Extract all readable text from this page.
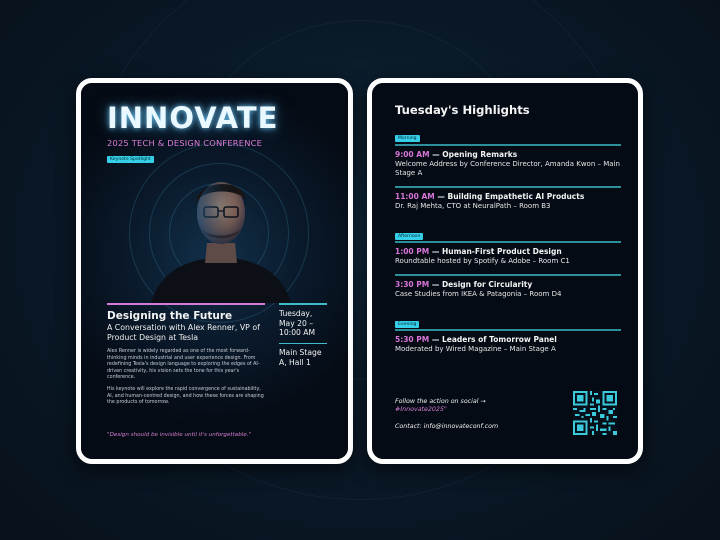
INNOVATE
2025 TECH & DESIGN CONFERENCE
Keynote Spotlight
Designing the Future
A Conversation with Alex Renner, VP of Product Design at Tesla
Alex Renner is widely regarded as one of the most forward-thinking minds in industrial and user experience design. From redefining Tesla's design language to exploring the edges of AI-driven creativity, his vision sets the tone for this year's conference.
His keynote will explore the rapid convergence of sustainability, AI, and human-centred design, and how these forces are shaping the products of tomorrow.
Tuesday, May 20 – 10:00 AM
Main Stage A, Hall 1
"Design should be invisible until it's unforgettable."
Tuesday's Highlights
Morning
9:00 AM — Opening Remarks
Welcome Address by Conference Director, Amanda Kwon – Main Stage A
11:00 AM — Building Empathetic AI Products
Dr. Raj Mehta, CTO at NeuralPath – Room B3
Afternoon
1:00 PM — Human-First Product Design
Roundtable hosted by Spotify & Adobe – Room C1
3:30 PM — Design for Circularity
Case Studies from IKEA & Patagonia – Room D4
Evening
5:30 PM — Leaders of Tomorrow Panel
Moderated by Wired Magazine – Main Stage A
Follow the action on social →
#Innovate2025"
Contact: info@innovateconf.com
